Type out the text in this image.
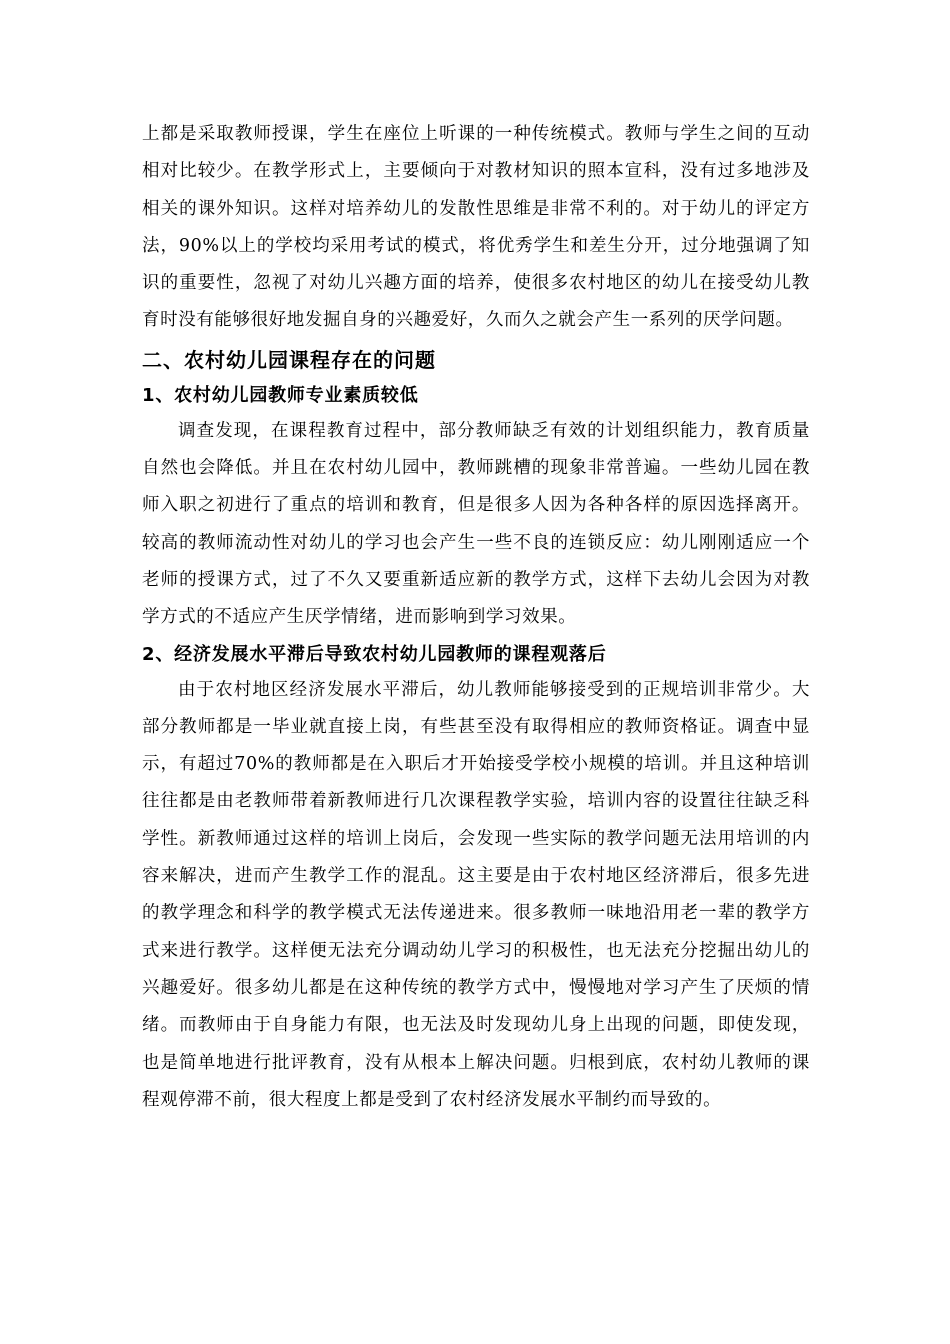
上都是采取教师授课，学生在座位上听课的一种传统模式。教师与学生之间的互动相对比较少。在教学形式上，主要倾向于对教材知识的照本宣科，没有过多地涉及相关的课外知识。这样对培养幼儿的发散性思维是非常不利的。对于幼儿的评定方法，90%以上的学校均采用考试的模式，将优秀学生和差生分开，过分地强调了知识的重要性，忽视了对幼儿兴趣方面的培养，使很多农村地区的幼儿在接受幼儿教育时没有能够很好地发掘自身的兴趣爱好，久而久之就会产生一系列的厌学问题。

二、农村幼儿园课程存在的问题
1、农村幼儿园教师专业素质较低

调查发现，在课程教育过程中，部分教师缺乏有效的计划组织能力，教育质量自然也会降低。并且在农村幼儿园中，教师跳槽的现象非常普遍。一些幼儿园在教师入职之初进行了重点的培训和教育，但是很多人因为各种各样的原因选择离开。较高的教师流动性对幼儿的学习也会产生一些不良的连锁反应：幼儿刚刚适应一个老师的授课方式，过了不久又要重新适应新的教学方式，这样下去幼儿会因为对教学方式的不适应产生厌学情绪，进而影响到学习效果。

2、经济发展水平滞后导致农村幼儿园教师的课程观落后

由于农村地区经济发展水平滞后，幼儿教师能够接受到的正规培训非常少。大部分教师都是一毕业就直接上岗，有些甚至没有取得相应的教师资格证。调查中显示，有超过70%的教师都是在入职后才开始接受学校小规模的培训。并且这种培训往往都是由老教师带着新教师进行几次课程教学实验，培训内容的设置往往缺乏科学性。新教师通过这样的培训上岗后，会发现一些实际的教学问题无法用培训的内容来解决，进而产生教学工作的混乱。这主要是由于农村地区经济滞后，很多先进的教学理念和科学的教学模式无法传递进来。很多教师一味地沿用老一辈的教学方式来进行教学。这样便无法充分调动幼儿学习的积极性，也无法充分挖掘出幼儿的兴趣爱好。很多幼儿都是在这种传统的教学方式中，慢慢地对学习产生了厌烦的情绪。而教师由于自身能力有限，也无法及时发现幼儿身上出现的问题，即使发现，也是简单地进行批评教育，没有从根本上解决问题。归根到底，农村幼儿教师的课程观停滞不前，很大程度上都是受到了农村经济发展水平制约而导致的。
